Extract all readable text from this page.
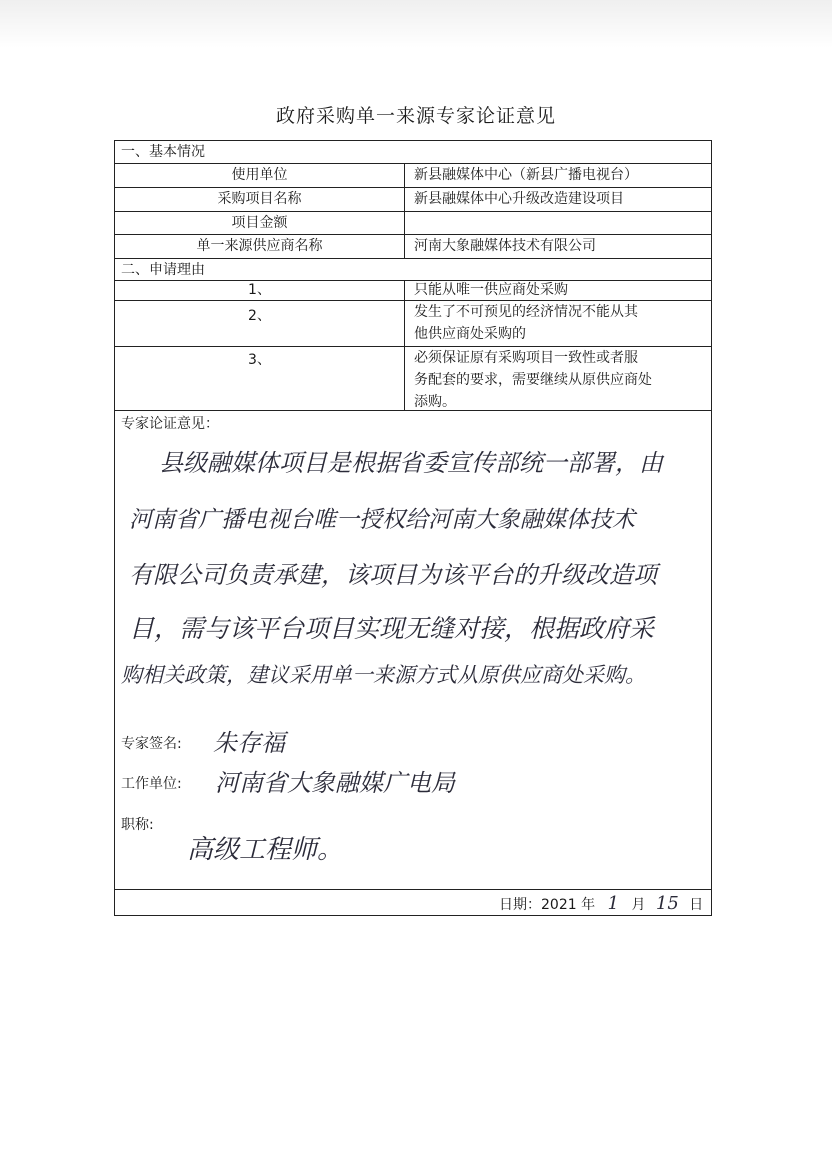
政府采购单一来源专家论证意见
一、基本情况
使用单位	新县融媒体中心（新县广播电视台）
采购项目名称	新县融媒体中心升级改造建设项目
项目金额
单一来源供应商名称	河南大象融媒体技术有限公司
二、申请理由
1、	只能从唯一供应商处采购
2、	发生了不可预见的经济情况不能从其
他供应商处采购的
3、	必须保证原有采购项目一致性或者服
务配套的要求，需要继续从原供应商处
添购。
专家论证意见：
县级融媒体项目是根据省委宣传部统一部署，由
河南省广播电视台唯一授权给河南大象融媒体技术
有限公司负责承建，该项目为该平台的升级改造项
目，需与该平台项目实现无缝对接，根据政府采
购相关政策，建议采用单一来源方式从原供应商处采购。
专家签名: 朱存福
工作单位: 河南省大象融媒广电局
职称:
高级工程师。
日期：2021 年 1 月 15 日
